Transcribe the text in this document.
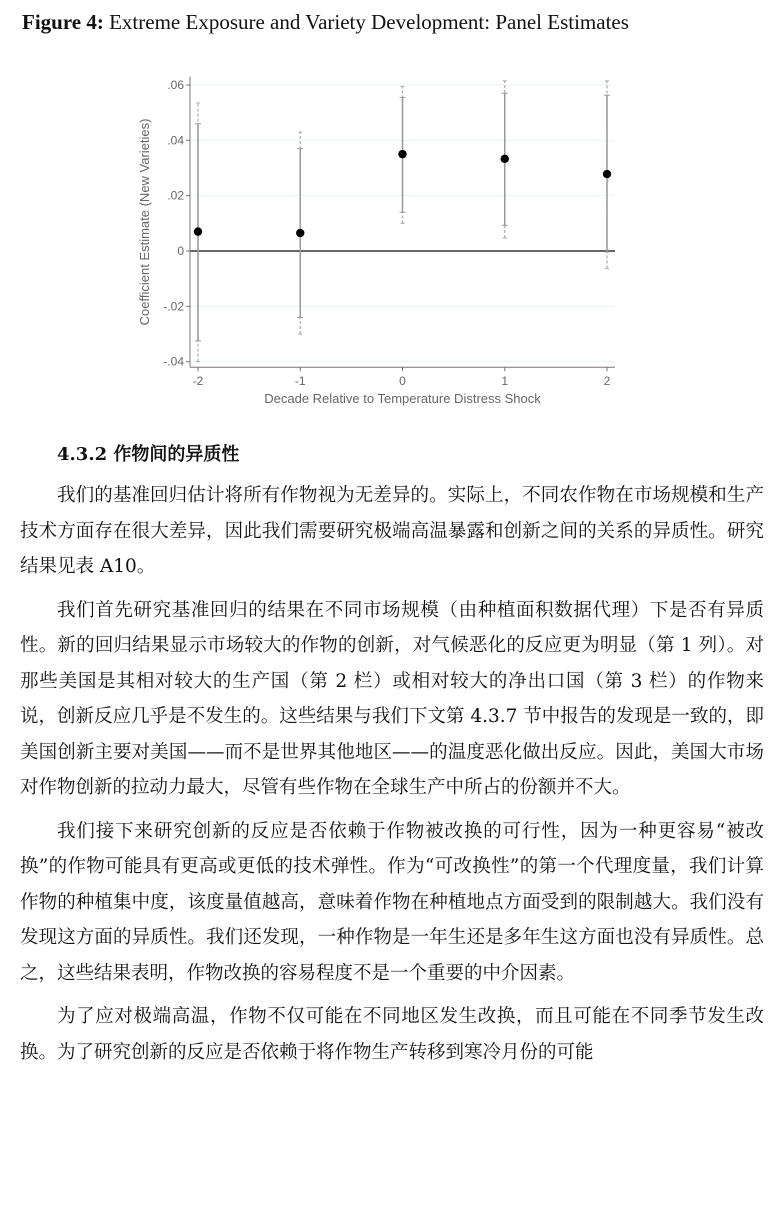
Figure 4: Extreme Exposure and Variety Development: Panel Estimates
-.04
-.02
0
.02
.04
.06
-2	-1	0	1	2
Decade Relative to Temperature Distress Shock
Coefficient Estimate (New Varieties)
4.3.2 作物间的异质性

我们的基准回归估计将所有作物视为无差异的。实际上，不同农作物在市场规模和生产技术方面存在很大差异，因此我们需要研究极端高温暴露和创新之间的关系的异质性。研究结果见表 A10。

我们首先研究基准回归的结果在不同市场规模（由种植面积数据代理）下是否有异质性。新的回归结果显示市场较大的作物的创新，对气候恶化的反应更为明显（第 1 列）。对那些美国是其相对较大的生产国（第 2 栏）或相对较大的净出口国（第 3 栏）的作物来说，创新反应几乎是不发生的。这些结果与我们下文第 4.3.7 节中报告的发现是一致的，即美国创新主要对美国——而不是世界其他地区——的温度恶化做出反应。因此，美国大市场对作物创新的拉动力最大，尽管有些作物在全球生产中所占的份额并不大。

我们接下来研究创新的反应是否依赖于作物被改换的可行性，因为一种更容易“被改换”的作物可能具有更高或更低的技术弹性。作为“可改换性”的第一个代理度量，我们计算作物的种植集中度，该度量值越高，意味着作物在种植地点方面受到的限制越大。我们没有发现这方面的异质性。我们还发现，一种作物是一年生还是多年生这方面也没有异质性。总之，这些结果表明，作物改换的容易程度不是一个重要的中介因素。

为了应对极端高温，作物不仅可能在不同地区发生改换，而且可能在不同季节发生改换。为了研究创新的反应是否依赖于将作物生产转移到寒冷月份的可能
